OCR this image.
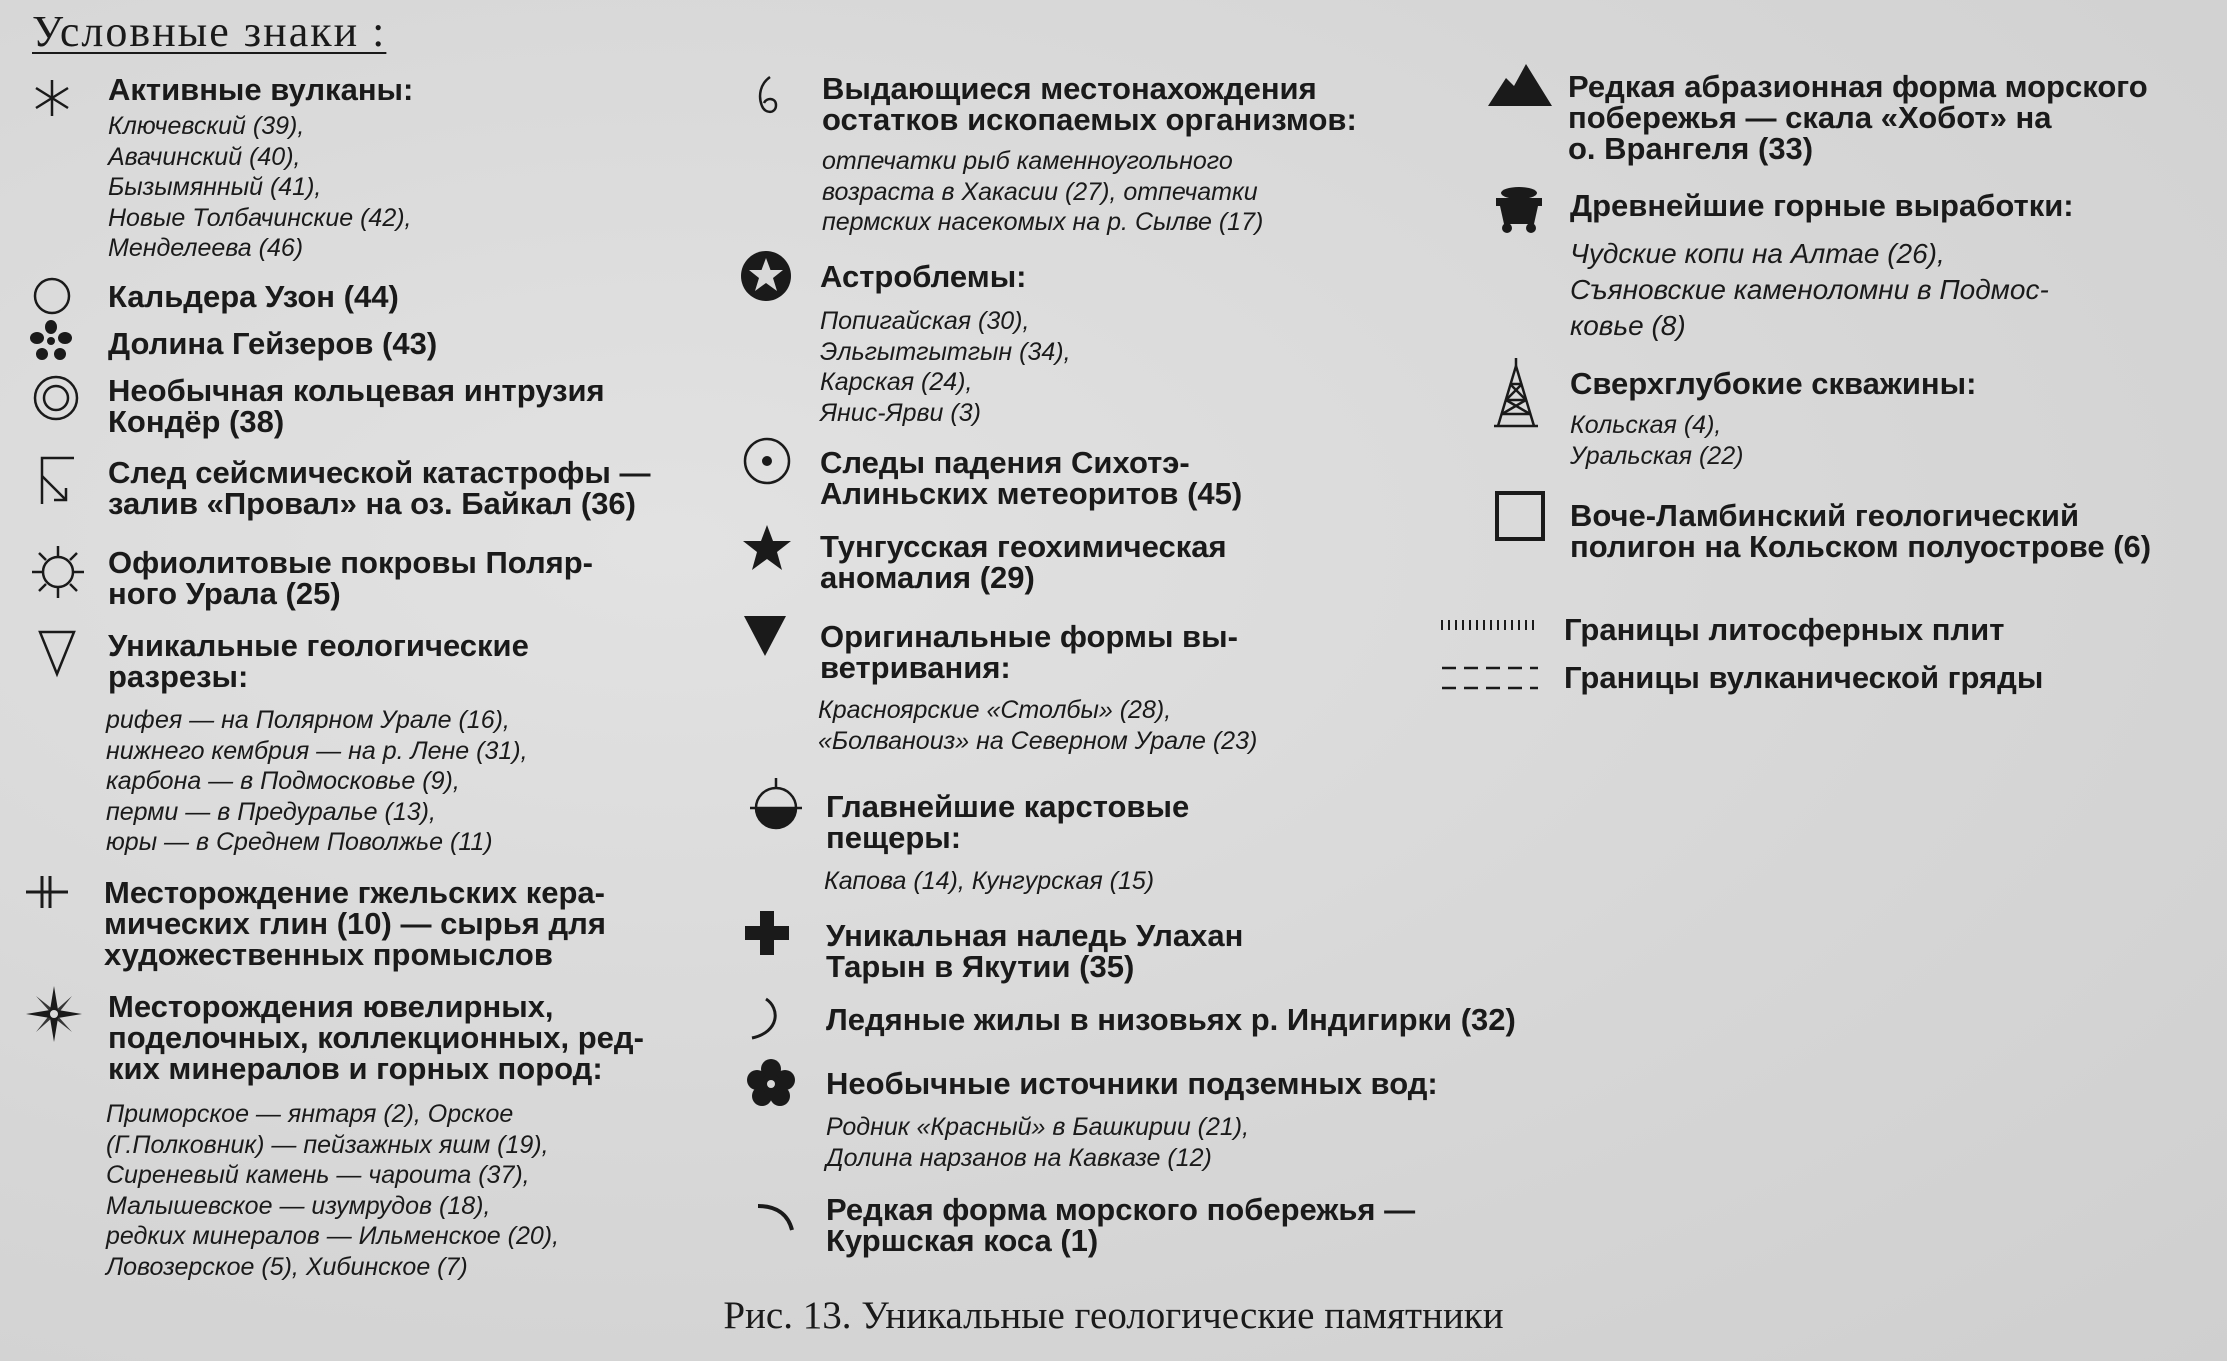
Условные знаки :
Активные вулканы:
Ключевский (39),
Авачинский (40),
Бызымянный (41),
Новые Толбачинские (42),
Менделеева (46)
Кальдера Узон (44)
Долина Гейзеров (43)
Необычная кольцевая интрузия
Кондёр (38)
След сейсмической катастрофы —
залив «Провал» на оз. Байкал (36)
Офиолитовые покровы Поляр-
ного Урала (25)
Уникальные геологические
разрезы:
рифея — на Полярном Урале (16),
нижнего кембрия — на р. Лене (31),
карбона — в Подмосковье (9),
перми — в Предуралье (13),
юры — в Среднем Поволжье (11)
Месторождение гжельских кера-
мических глин (10) — сырья для
художественных промыслов
Месторождения ювелирных,
поделочных, коллекционных, ред-
ких минералов и горных пород:
Приморское — янтаря (2), Орское
(Г.Полковник) — пейзажных яшм (19),
Сиреневый камень — чароита (37),
Малышевское — изумрудов (18),
редких минералов — Ильменское (20),
Ловозерское (5), Хибинское (7)
Выдающиеся местонахождения
остатков ископаемых организмов:
отпечатки рыб каменноугольного
возраста в Хакасии (27), отпечатки
пермских насекомых на р. Сылве (17)
Астроблемы:
Попигайская (30),
Эльгытгытгын (34),
Карская (24),
Янис-Ярви (3)
Следы падения Сихотэ-
Алиньских метеоритов (45)
Тунгусская геохимическая
аномалия (29)
Оригинальные формы вы-
ветривания:
Красноярские «Столбы» (28),
«Болваноиз» на Северном Урале (23)
Главнейшие карстовые
пещеры:
Капова (14), Кунгурская (15)
Уникальная наледь Улахан
Тарын в Якутии (35)
Ледяные жилы в низовьях р. Индигирки (32)
Необычные источники подземных вод:
Родник «Красный» в Башкирии (21),
Долина нарзанов на Кавказе (12)
Редкая форма морского побережья —
Куршская коса (1)
Редкая абразионная форма морского
побережья — скала «Хобот» на
о. Врангеля (33)
Древнейшие горные выработки:
Чудские копи на Алтае (26),
Съяновские каменоломни в Подмос-
ковье (8)
Сверхглубокие скважины:
Кольская (4),
Уральская (22)
Воче-Ламбинский геологический
полигон на Кольском полуострове (6)
Границы литосферных плит
Границы вулканической гряды
Рис. 13. Уникальные геологические памятники
